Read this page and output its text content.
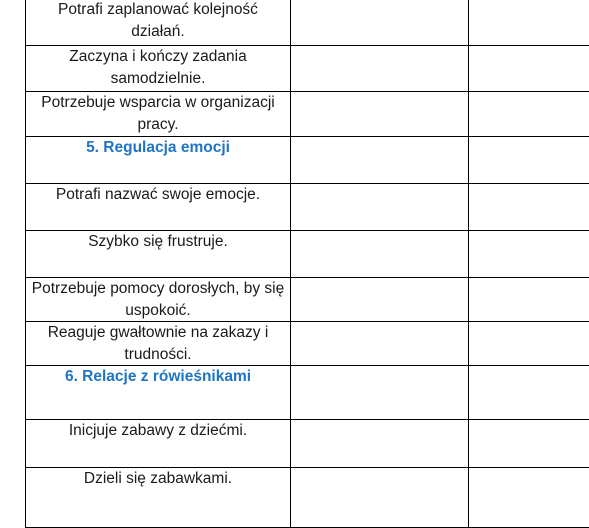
Potrafi zaplanować kolejność działań.		
Zaczyna i kończy zadania samodzielnie.		
Potrzebuje wsparcia w organizacji pracy.		
5. Regulacja emocji		
Potrafi nazwać swoje emocje.		
Szybko się frustruje.		
Potrzebuje pomocy dorosłych, by się uspokoić.		
Reaguje gwałtownie na zakazy i trudności.		
6. Relacje z rówieśnikami		
Inicjuje zabawy z dziećmi.		
Dzieli się zabawkami.		
